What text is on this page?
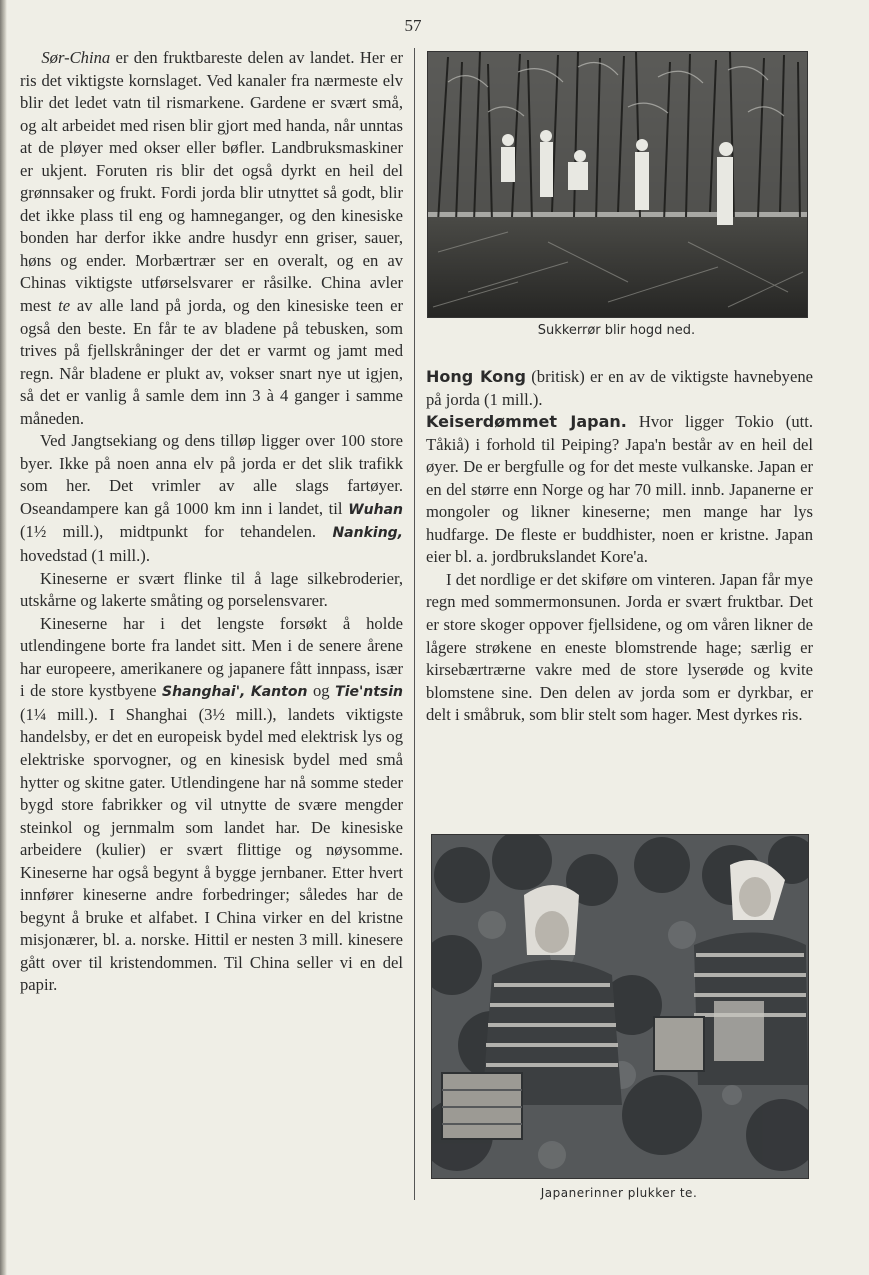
57

Sør-China er den fruktbareste delen av landet. Her er ris det viktigste kornslaget. Ved kanaler fra nærmeste elv blir det ledet vatn til rismarkene. Gardene er svært små, og alt arbeidet med risen blir gjort med handa, når unntas at de pløyer med okser eller bøfler. Landbruksmaskiner er ukjent. Foruten ris blir det også dyrkt en heil del grønnsaker og frukt. Fordi jorda blir utnyttet så godt, blir det ikke plass til eng og hamneganger, og den kinesiske bonden har derfor ikke andre husdyr enn griser, sauer, høns og ender. Morbærtrær ser en overalt, og en av Chinas viktigste utførselsvarer er råsilke. China avler mest te av alle land på jorda, og den kinesiske teen er også den beste. En får te av bladene på tebusken, som trives på fjellskråninger der det er varmt og jamt med regn. Når bladene er plukt av, vokser snart nye ut igjen, så det er vanlig å samle dem inn 3 à 4 ganger i samme måneden.

Ved Jangtsekiang og dens tilløp ligger over 100 store byer. Ikke på noen anna elv på jorda er det slik trafikk som her. Det vrimler av alle slags fartøyer. Oseandampere kan gå 1000 km inn i landet, til Wuhan (1½ mill.), midtpunkt for tehandelen. Nanking, hovedstad (1 mill.).

Kineserne er svært flinke til å lage silkebroderier, utskårne og lakerte småting og porselensvarer.

Kineserne har i det lengste forsøkt å holde utlendingene borte fra landet sitt. Men i de senere årene har europeere, amerikanere og japanere fått innpass, især i de store kystbyene Shanghai', Kanton og Tie'ntsin (1¼ mill.). I Shanghai (3½ mill.), landets viktigste handelsby, er det en europeisk bydel med elektrisk lys og elektriske sporvogner, og en kinesisk bydel med små hytter og skitne gater. Utlendingene har nå somme steder bygd store fabrikker og vil utnytte de svære mengder steinkol og jernmalm som landet har. De kinesiske arbeidere (kulier) er svært flittige og nøysomme. Kineserne har også begynt å bygge jernbaner. Etter hvert innfører kineserne andre forbedringer; således har de begynt å bruke et alfabet. I China virker en del kristne misjonærer, bl. a. norske. Hittil er nesten 3 mill. kinesere gått over til kristendommen. Til China seller vi en del papir.

Sukkerrør blir hogd ned.

Hong Kong (britisk) er en av de viktigste havnebyene på jorda (1 mill.).

Keiserdømmet Japan. Hvor ligger Tokio (utt. Tåkiå) i forhold til Peiping? Japa'n består av en heil del øyer. De er bergfulle og for det meste vulkanske. Japan er en del større enn Norge og har 70 mill. innb. Japanerne er mongoler og likner kineserne; men mange har lys hudfarge. De fleste er buddhister, noen er kristne. Japan eier bl. a. jordbrukslandet Kore'a.

I det nordlige er det skiføre om vinteren. Japan får mye regn med sommermonsunen. Jorda er svært fruktbar. Det er store skoger oppover fjellsidene, og om våren likner de lågere strøkene en eneste blomstrende hage; særlig er kirsebærtrærne vakre med de store lyserøde og kvite blomstene sine. Den delen av jorda som er dyrkbar, er delt i småbruk, som blir stelt som hager. Mest dyrkes ris.

Japanerinner plukker te.
